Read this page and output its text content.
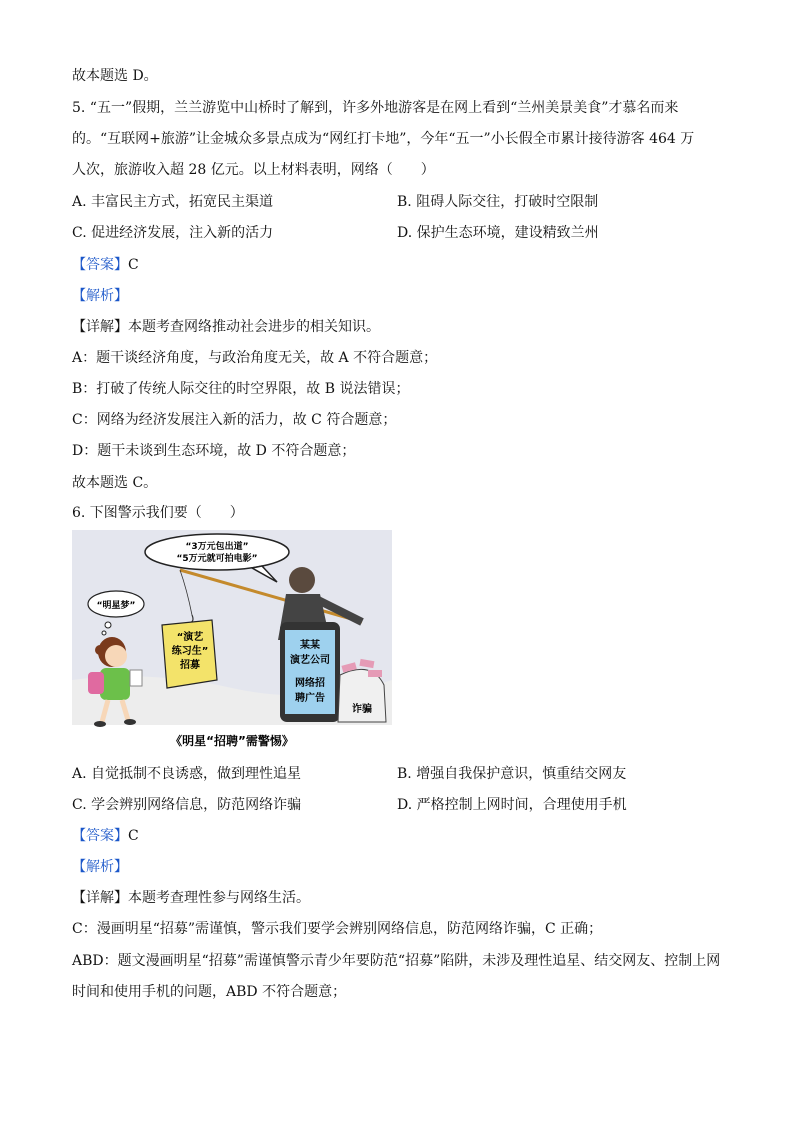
故本题选 D。
5. “五一”假期，兰兰游览中山桥时了解到，许多外地游客是在网上看到“兰州美景美食”才慕名而来
的。“互联网+旅游”让金城众多景点成为“网红打卡地”，今年“五一”小长假全市累计接待游客 464 万
人次，旅游收入超 28 亿元。以上材料表明，网络（　　）
A. 丰富民主方式，拓宽民主渠道	B. 阻碍人际交往，打破时空限制
C. 促进经济发展，注入新的活力	D. 保护生态环境，建设精致兰州
【答案】C
【解析】
【详解】本题考查网络推动社会进步的相关知识。
A：题干谈经济角度，与政治角度无关，故 A 不符合题意；
B：打破了传统人际交往的时空界限，故 B 说法错误；
C：网络为经济发展注入新的活力，故 C 符合题意；
D：题干未谈到生态环境，故 D 不符合题意；
故本题选 C。
6. 下图警示我们要（　　）
“3万元包出道”
“5万元就可拍电影”
“明星梦”
“演艺
练习生”
招募
某某
演艺公司
网络招
聘广告
诈骗
《明星“招聘”需警惕》
A. 自觉抵制不良诱惑，做到理性追星	B. 增强自我保护意识，慎重结交网友
C. 学会辨别网络信息，防范网络诈骗	D. 严格控制上网时间，合理使用手机
【答案】C
【解析】
【详解】本题考查理性参与网络生活。
C：漫画明星“招募”需谨慎，警示我们要学会辨别网络信息，防范网络诈骗，C 正确；
ABD：题文漫画明星“招募”需谨慎警示青少年要防范“招募”陷阱，未涉及理性追星、结交网友、控制上网
时间和使用手机的问题，ABD 不符合题意；
